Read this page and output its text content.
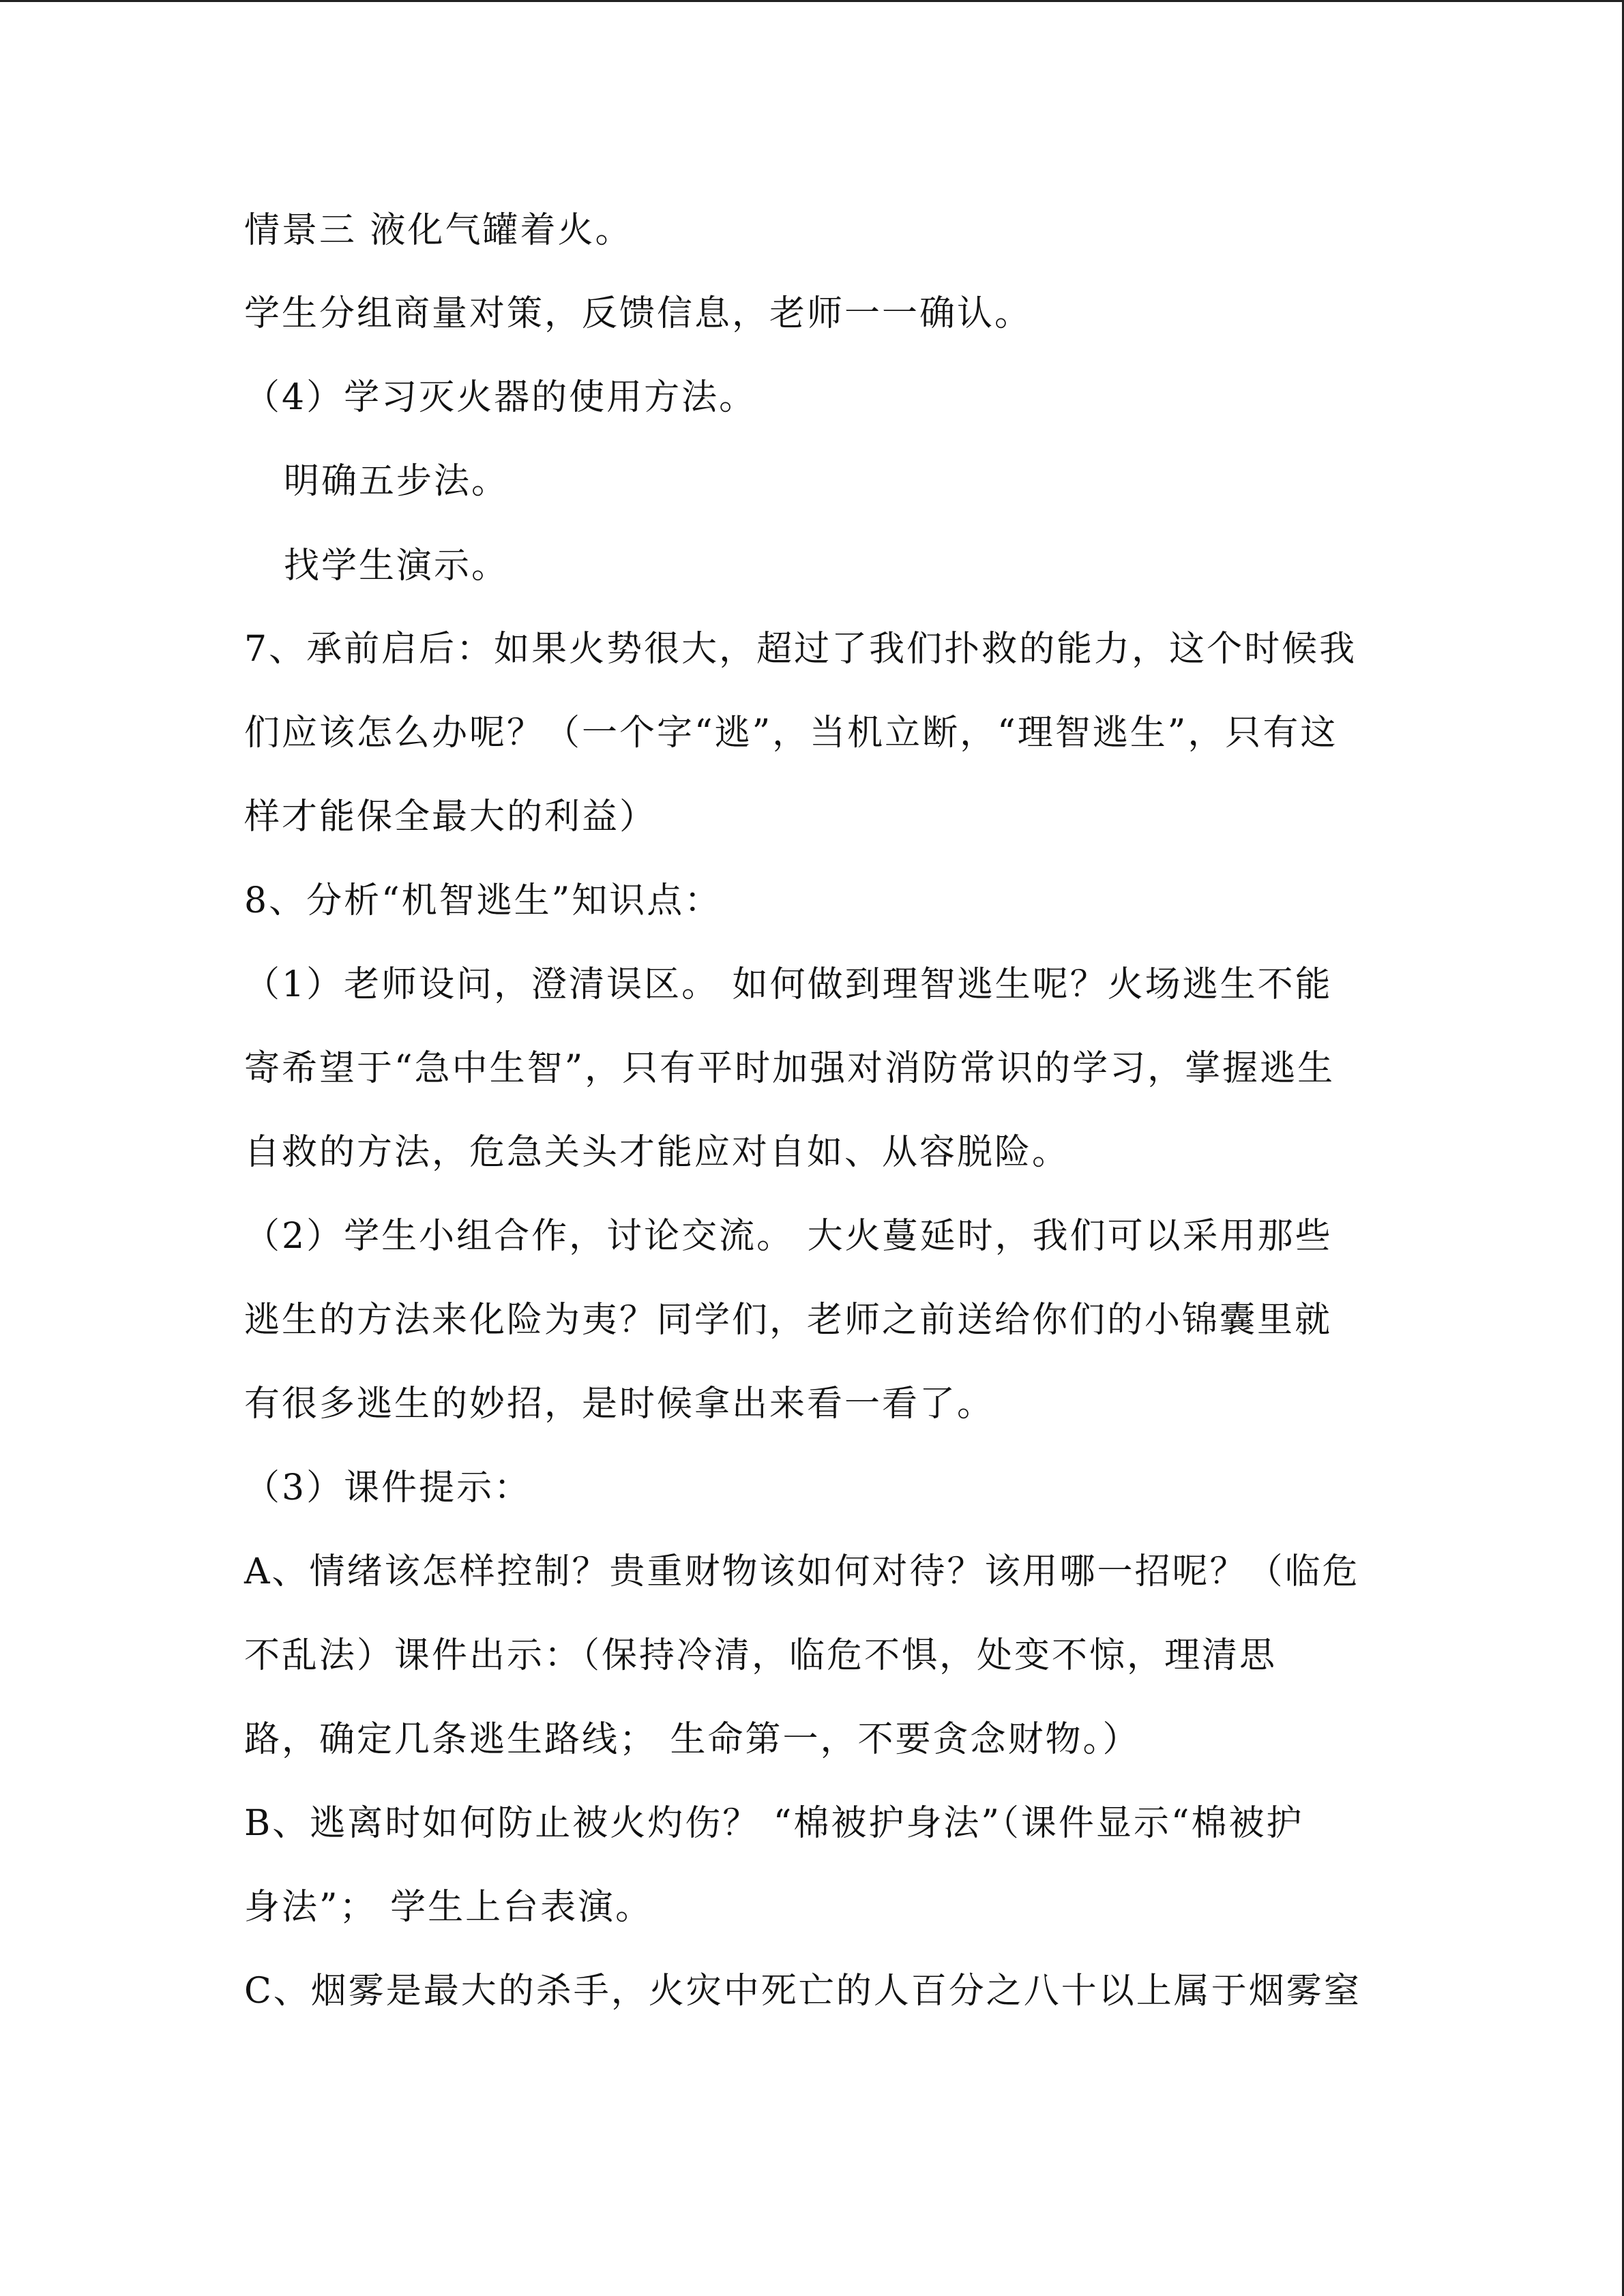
情景三 液化气罐着火。
学生分组商量对策，反馈信息，老师一一确认。
（4）学习灭火器的使用方法。
明确五步法。
找学生演示。
7、承前启后：如果火势很大，超过了我们扑救的能力，这个时候我
们应该怎么办呢？（一个字“逃”，当机立断，“理智逃生”，只有这
样才能保全最大的利益）
8、分析“机智逃生”知识点：
（1）老师设问，澄清误区。 如何做到理智逃生呢？火场逃生不能
寄希望于“急中生智”，只有平时加强对消防常识的学习，掌握逃生
自救的方法，危急关头才能应对自如、从容脱险。
（2）学生小组合作，讨论交流。 大火蔓延时，我们可以采用那些
逃生的方法来化险为夷？同学们，老师之前送给你们的小锦囊里就
有很多逃生的妙招，是时候拿出来看一看了。
（3）课件提示：
A、情绪该怎样控制？贵重财物该如何对待？该用哪一招呢？（临危
不乱法）课件出示：（保持冷清，临危不惧，处变不惊，理清思
路，确定几条逃生路线； 生命第一，不要贪念财物。）
B、逃离时如何防止被火灼伤？ “棉被护身法”（课件显示“棉被护
身法”； 学生上台表演。
C、烟雾是最大的杀手，火灾中死亡的人百分之八十以上属于烟雾窒
